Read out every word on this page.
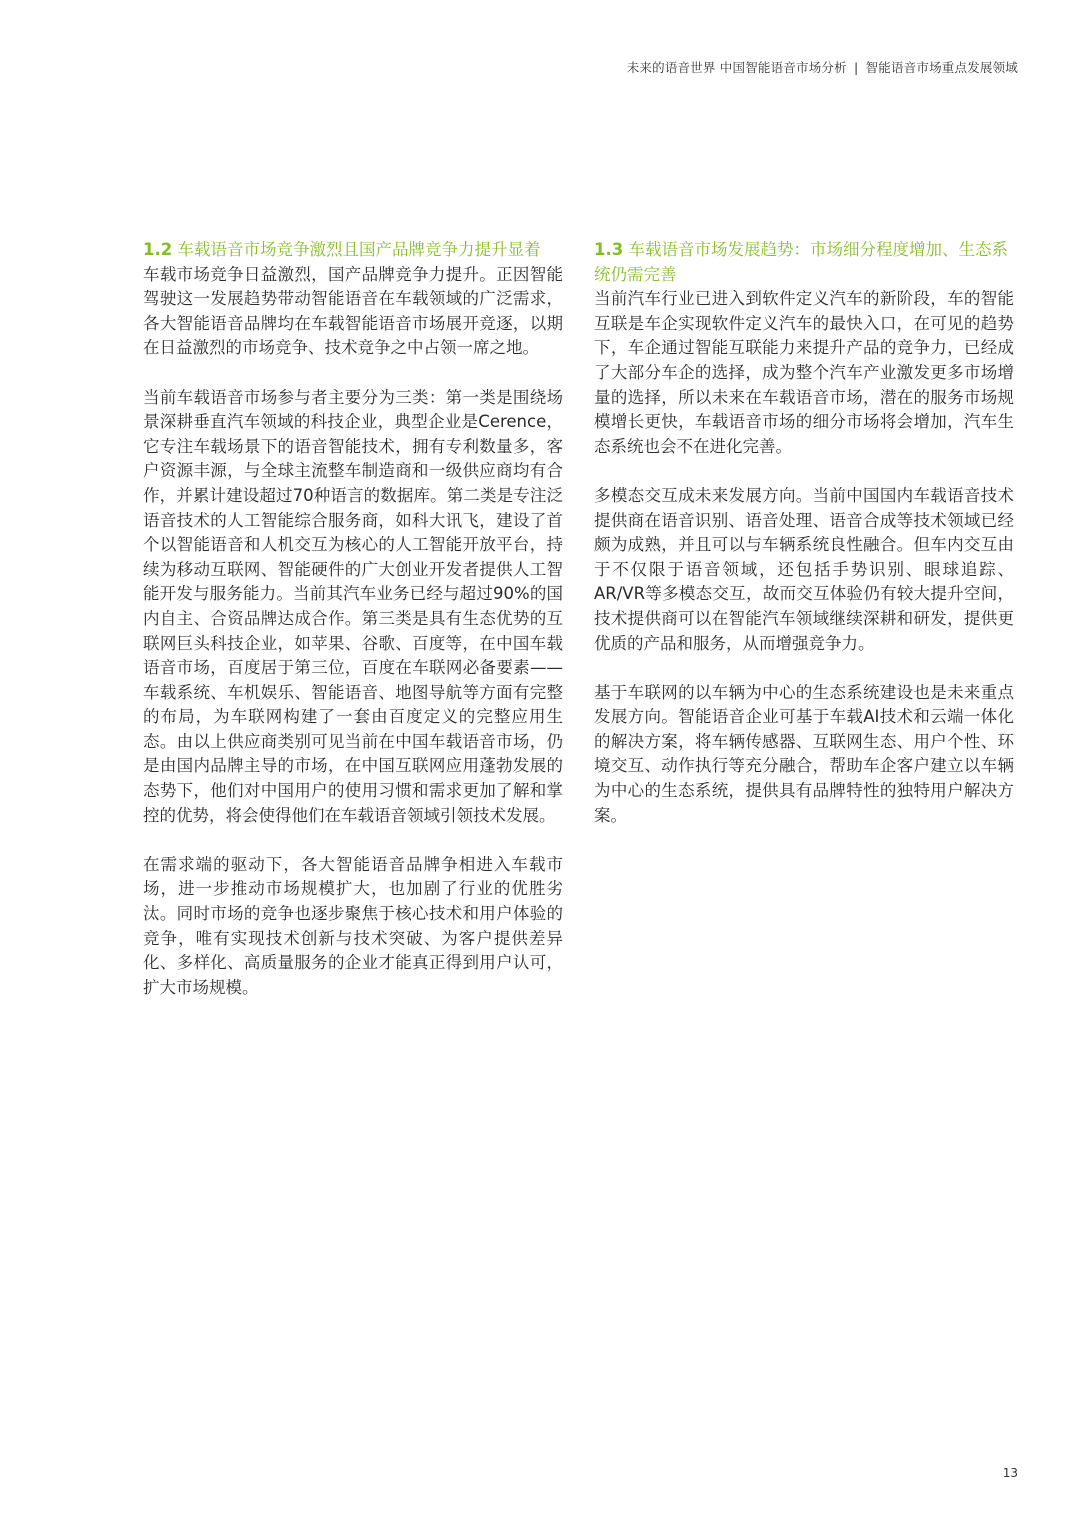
未来的语音世界 中国智能语音市场分析 | 智能语音市场重点发展领域
1.2 车载语音市场竞争激烈且国产品牌竞争力提升显着

车载市场竞争日益激烈，国产品牌竞争力提升。正因智能驾驶这一发展趋势带动智能语音在车载领域的广泛需求，各大智能语音品牌均在车载智能语音市场展开竞逐，以期在日益激烈的市场竞争、技术竞争之中占领一席之地。

当前车载语音市场参与者主要分为三类：第一类是围绕场景深耕垂直汽车领域的科技企业，典型企业是Cerence，它专注车载场景下的语音智能技术，拥有专利数量多，客户资源丰源，与全球主流整车制造商和一级供应商均有合作，并累计建设超过70种语言的数据库。第二类是专注泛语音技术的人工智能综合服务商，如科大讯飞，建设了首个以智能语音和人机交互为核心的人工智能开放平台，持续为移动互联网、智能硬件的广大创业开发者提供人工智能开发与服务能力。当前其汽车业务已经与超过90%的国内自主、合资品牌达成合作。第三类是具有生态优势的互联网巨头科技企业，如苹果、谷歌、百度等，在中国车载语音市场，百度居于第三位，百度在车联网必备要素——车载系统、车机娱乐、智能语音、地图导航等方面有完整的布局，为车联网构建了一套由百度定义的完整应用生态。由以上供应商类别可见当前在中国车载语音市场，仍是由国内品牌主导的市场，在中国互联网应用蓬勃发展的态势下，他们对中国用户的使用习惯和需求更加了解和掌控的优势，将会使得他们在车载语音领域引领技术发展。

在需求端的驱动下，各大智能语音品牌争相进入车载市场，进一步推动市场规模扩大，也加剧了行业的优胜劣汰。同时市场的竞争也逐步聚焦于核心技术和用户体验的竞争，唯有实现技术创新与技术突破、为客户提供差异化、多样化、高质量服务的企业才能真正得到用户认可，扩大市场规模。

1.3 车载语音市场发展趋势：市场细分程度增加、生态系统仍需完善

当前汽车行业已进入到软件定义汽车的新阶段，车的智能互联是车企实现软件定义汽车的最快入口，在可见的趋势下，车企通过智能互联能力来提升产品的竞争力，已经成了大部分车企的选择，成为整个汽车产业激发更多市场增量的选择，所以未来在车载语音市场，潜在的服务市场规模增长更快，车载语音市场的细分市场将会增加，汽车生态系统也会不在进化完善。

多模态交互成未来发展方向。当前中国国内车载语音技术提供商在语音识别、语音处理、语音合成等技术领域已经颇为成熟，并且可以与车辆系统良性融合。但车内交互由于不仅限于语音领域，还包括手势识别、眼球追踪、AR/VR等多模态交互，故而交互体验仍有较大提升空间，技术提供商可以在智能汽车领域继续深耕和研发，提供更优质的产品和服务，从而增强竞争力。

基于车联网的以车辆为中心的生态系统建设也是未来重点发展方向。智能语音企业可基于车载AI技术和云端一体化的解决方案，将车辆传感器、互联网生态、用户个性、环境交互、动作执行等充分融合，帮助车企客户建立以车辆为中心的生态系统，提供具有品牌特性的独特用户解决方案。

13
